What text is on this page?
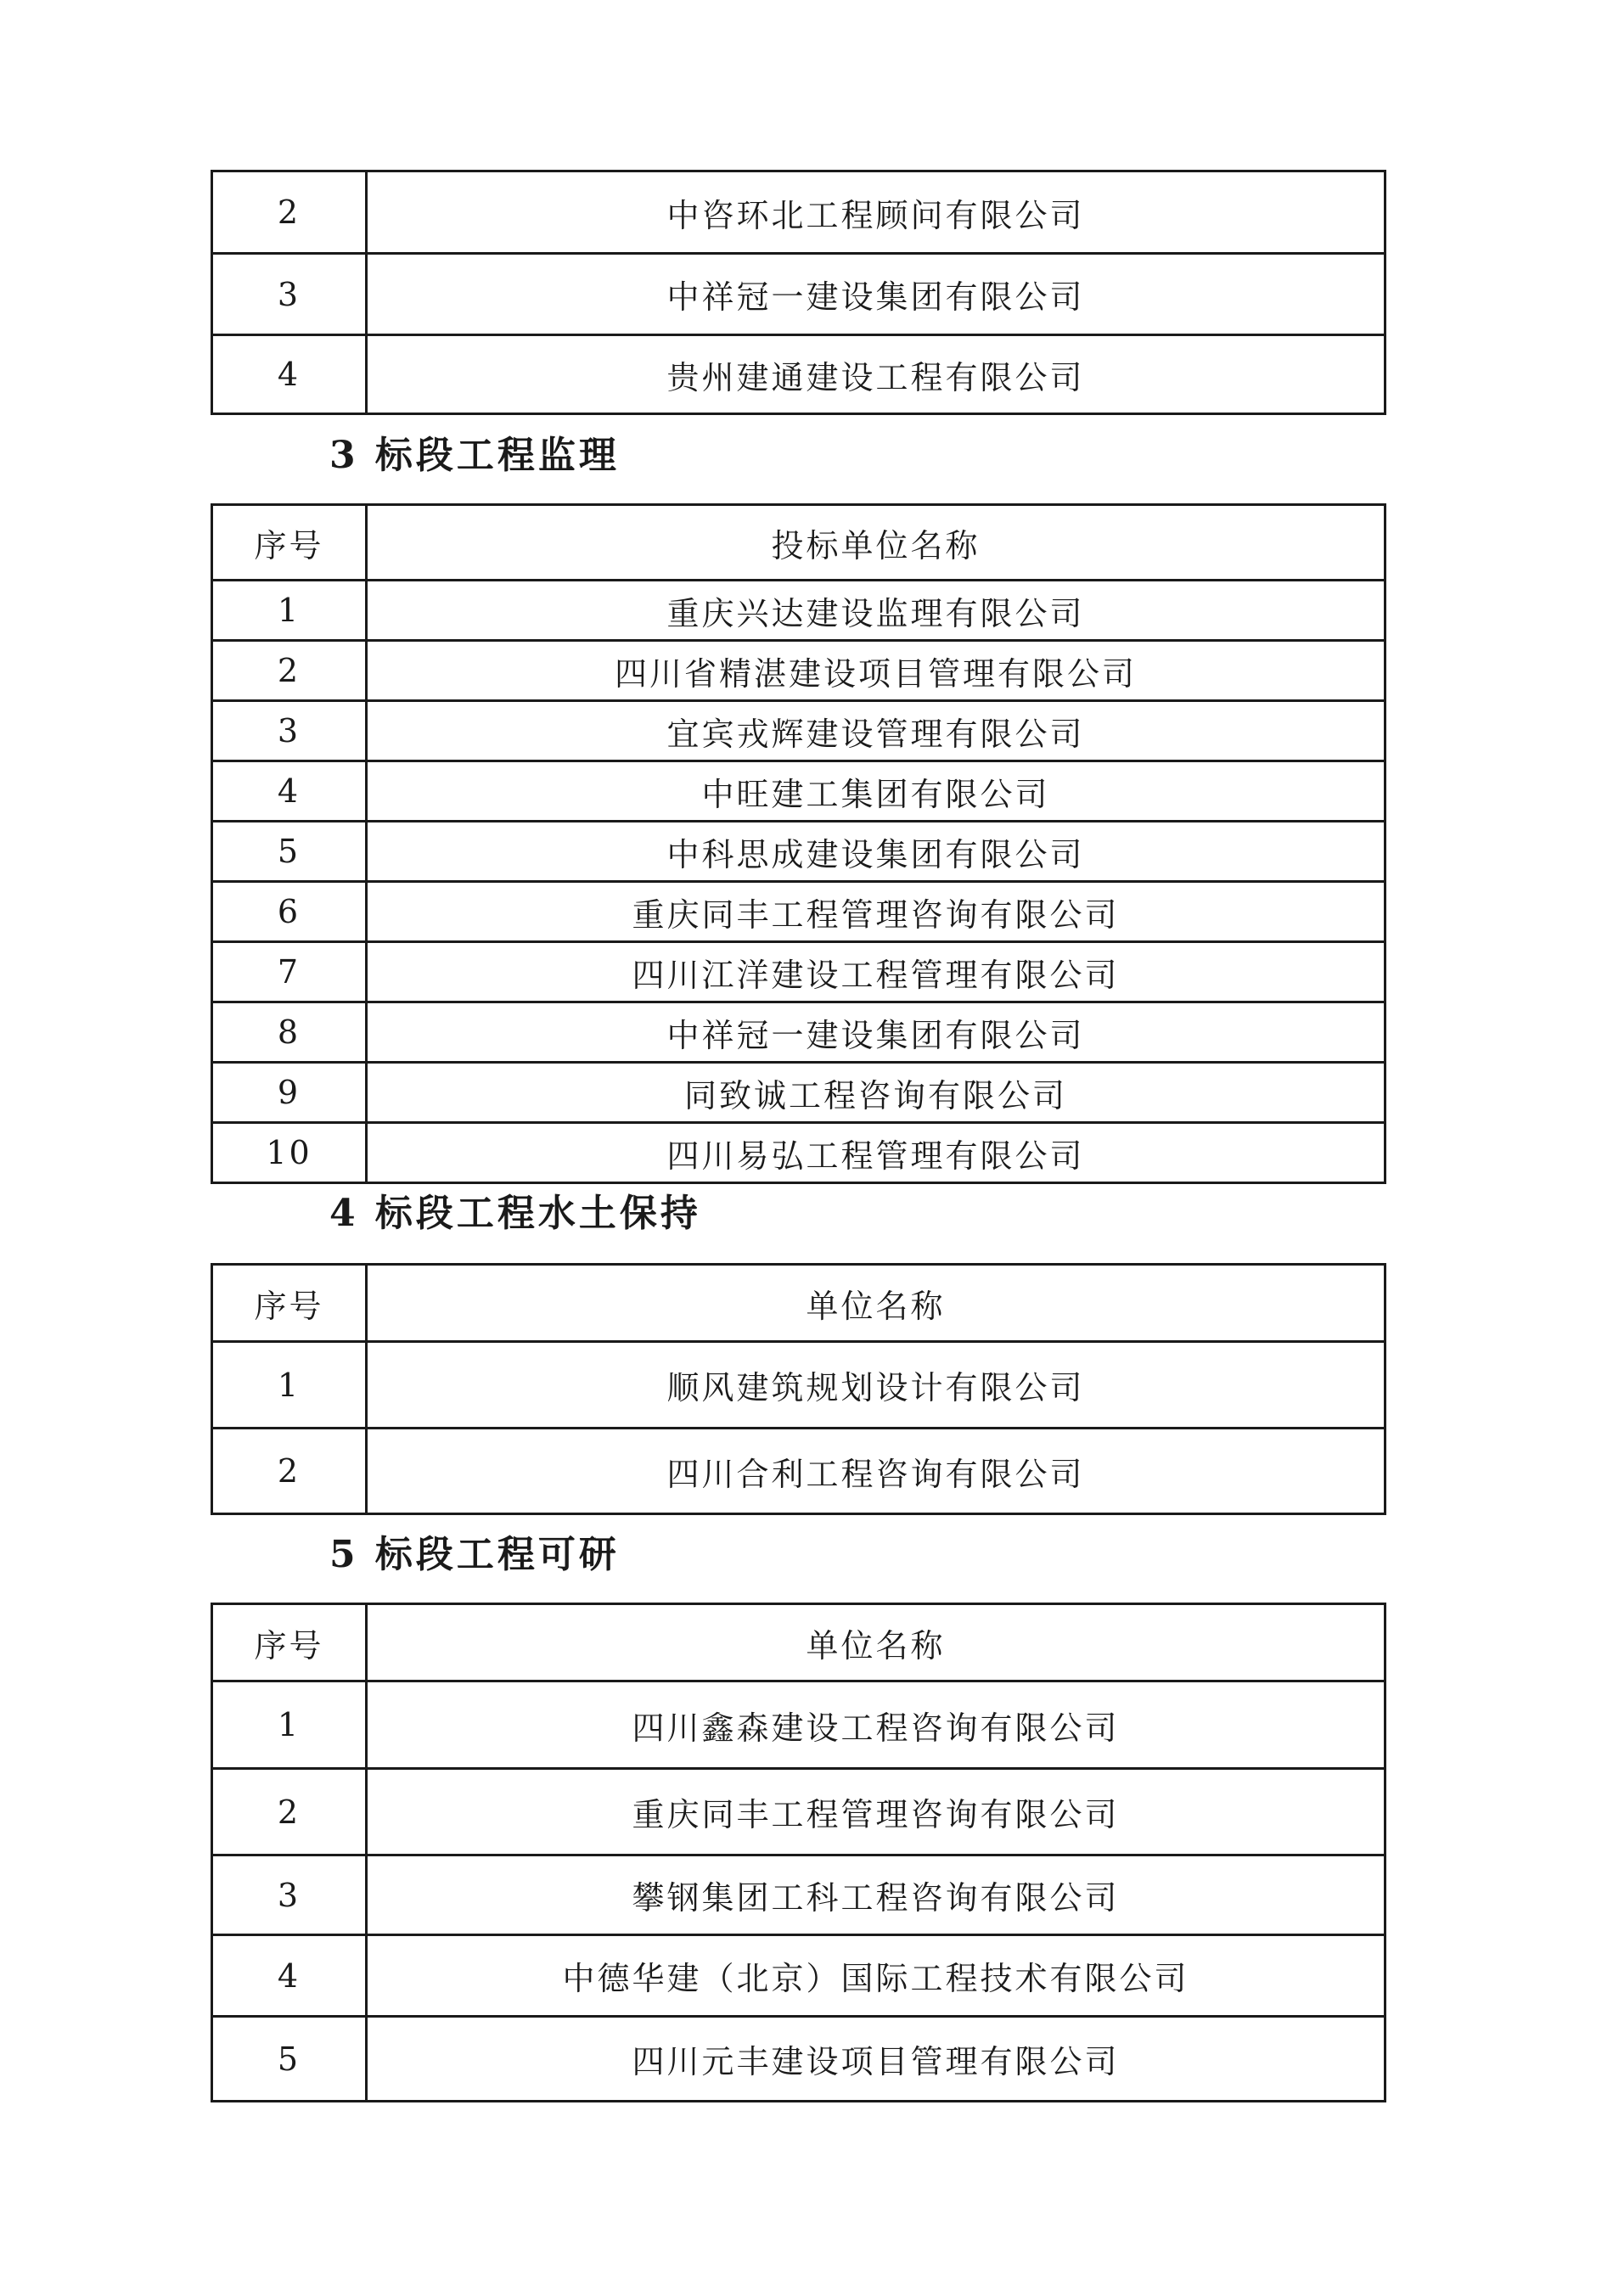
2	中咨环北工程顾问有限公司
3	中祥冠一建设集团有限公司
4	贵州建通建设工程有限公司
3 标段工程监理
序号	投标单位名称
1	重庆兴达建设监理有限公司
2	四川省精湛建设项目管理有限公司
3	宜宾戎辉建设管理有限公司
4	中旺建工集团有限公司
5	中科思成建设集团有限公司
6	重庆同丰工程管理咨询有限公司
7	四川江洋建设工程管理有限公司
8	中祥冠一建设集团有限公司
9	同致诚工程咨询有限公司
10	四川易弘工程管理有限公司
4 标段工程水土保持
序号	单位名称
1	顺风建筑规划设计有限公司
2	四川合利工程咨询有限公司
5 标段工程可研
序号	单位名称
1	四川鑫森建设工程咨询有限公司
2	重庆同丰工程管理咨询有限公司
3	攀钢集团工科工程咨询有限公司
4	中德华建（北京）国际工程技术有限公司
5	四川元丰建设项目管理有限公司
